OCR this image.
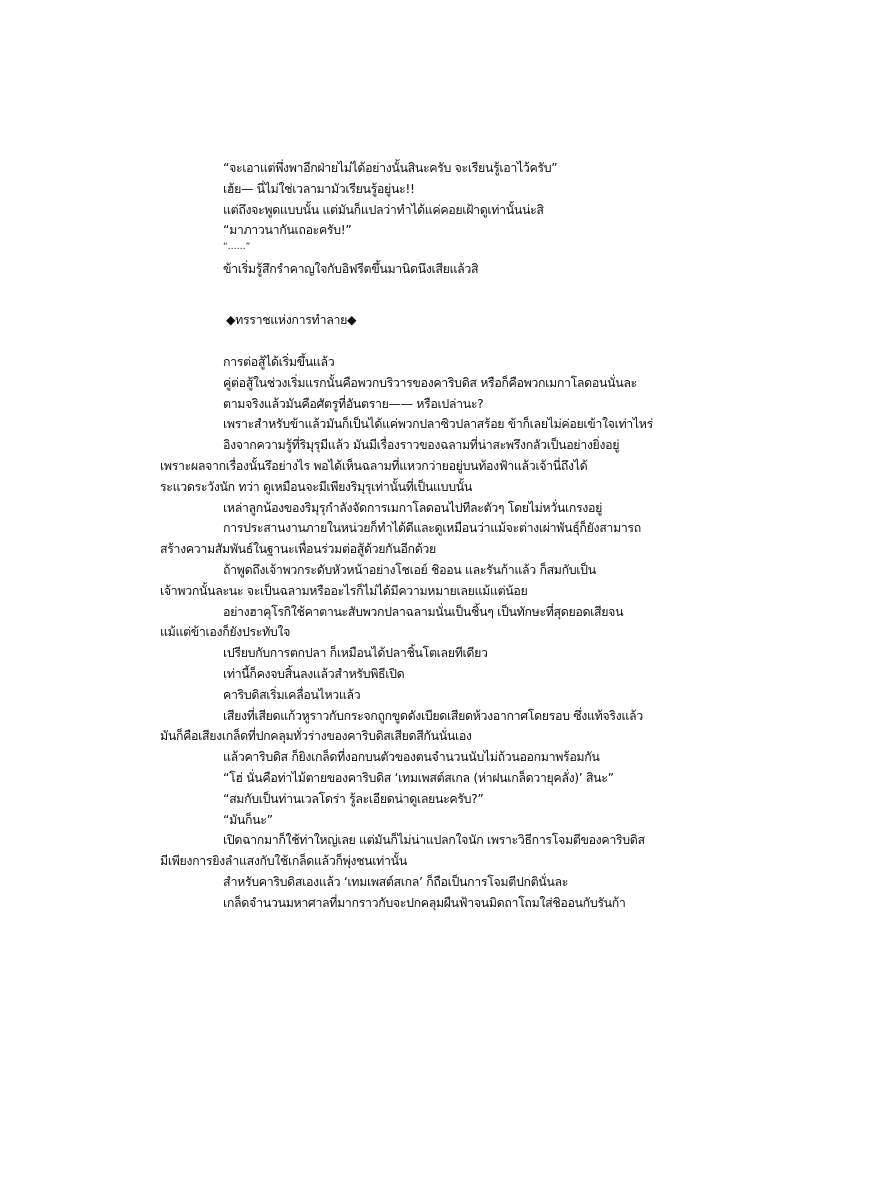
“จะเอาแต่พึ่งพาอีกฝ่ายไม่ได้อย่างนั้นสินะครับ จะเรียนรู้เอาไว้ครับ”
เฮ้ย— นี่ไม่ใช่เวลามามัวเรียนรู้อยู่นะ!!
แต่ถึงจะพูดแบบนั้น แต่มันก็แปลว่าทำได้แค่คอยเฝ้าดูเท่านั้นน่ะสิ
“มาภาวนากันเถอะครับ!”
“……”
ข้าเริ่มรู้สึกรำคาญใจกับอิฟรีตขึ้นมานิดนึงเสียแล้วสิ
◆ทรราชแห่งการทำลาย◆
การต่อสู้ได้เริ่มขึ้นแล้ว
คู่ต่อสู้ในช่วงเริ่มแรกนั้นคือพวกบริวารของคาริบดิส หรือก็คือพวกเมกาโลดอนนั่นละ
ตามจริงแล้วมันคือศัตรูที่อันตราย—— หรือเปล่านะ?
เพราะสำหรับข้าแล้วมันก็เป็นได้แค่พวกปลาซิวปลาสร้อย ข้าก็เลยไม่ค่อยเข้าใจเท่าไหร่
อิงจากความรู้ที่ริมุรุมีแล้ว มันมีเรื่องราวของฉลามที่น่าสะพรึงกลัวเป็นอย่างยิ่งอยู่
เพราะผลจากเรื่องนั้นรึอย่างไร พอได้เห็นฉลามที่แหวกว่ายอยู่บนท้องฟ้าแล้วเจ้านี่ถึงได้
ระแวดระวังนัก ทว่า ดูเหมือนจะมีเพียงริมุรุเท่านั้นที่เป็นแบบนั้น
เหล่าลูกน้องของริมุรุกำลังจัดการเมกาโลดอนไปทีละตัวๆ โดยไม่หวั่นเกรงอยู่
การประสานงานภายในหน่วยก็ทำได้ดีและดูเหมือนว่าแม้จะต่างเผ่าพันธุ์ก็ยังสามารถ
สร้างความสัมพันธ์ในฐานะเพื่อนร่วมต่อสู้ด้วยกันอีกด้วย
ถ้าพูดถึงเจ้าพวกระดับหัวหน้าอย่างโชเอย์ ชิออน และรันก้าแล้ว ก็สมกับเป็น
เจ้าพวกนั้นละนะ จะเป็นฉลามหรืออะไรก็ไม่ได้มีความหมายเลยแม้แต่น้อย
อย่างฮาคุโรกิใช้คาตานะสับพวกปลาฉลามนั่นเป็นชิ้นๆ เป็นทักษะที่สุดยอดเสียจน
แม้แต่ข้าเองก็ยังประทับใจ
เปรียบกับการตกปลา ก็เหมือนได้ปลาชิ้นโตเลยทีเดียว
เท่านี้ก็คงจบสิ้นลงแล้วสำหรับพิธีเปิด
คาริบดิสเริ่มเคลื่อนไหวแล้ว
เสียงที่เสียดแก้วหูราวกับกระจกถูกขูดดังเบียดเสียดห้วงอากาศโดยรอบ ซึ่งแท้จริงแล้ว
มันก็คือเสียงเกล็ดที่ปกคลุมทั่วร่างของคาริบดิสเสียดสีกันนั่นเอง
แล้วคาริบดิส ก็ยิงเกล็ดที่งอกบนตัวของตนจำนวนนับไม่ถ้วนออกมาพร้อมกัน
“โฮ่ นั่นคือท่าไม้ตายของคาริบดิส ‘เทมเพสต์สเกล (ห่าฝนเกล็ดวายุคลั่ง)’ สินะ”
“สมกับเป็นท่านเวลโดร่า รู้ละเอียดน่าดูเลยนะครับ?”
“มันก็นะ”
เปิดฉากมาก็ใช้ท่าใหญ่เลย แต่มันก็ไม่น่าแปลกใจนัก เพราะวิธีการโจมตีของคาริบดิส
มีเพียงการยิงลำแสงกับใช้เกล็ดแล้วก็พุ่งชนเท่านั้น
สำหรับคาริบดิสเองแล้ว ‘เทมเพสต์สเกล’ ก็ถือเป็นการโจมตีปกตินั่นละ
เกล็ดจำนวนมหาศาลที่มากราวกับจะปกคลุมผืนฟ้าจนมิดถาโถมใส่ชิออนกับรันก้า
